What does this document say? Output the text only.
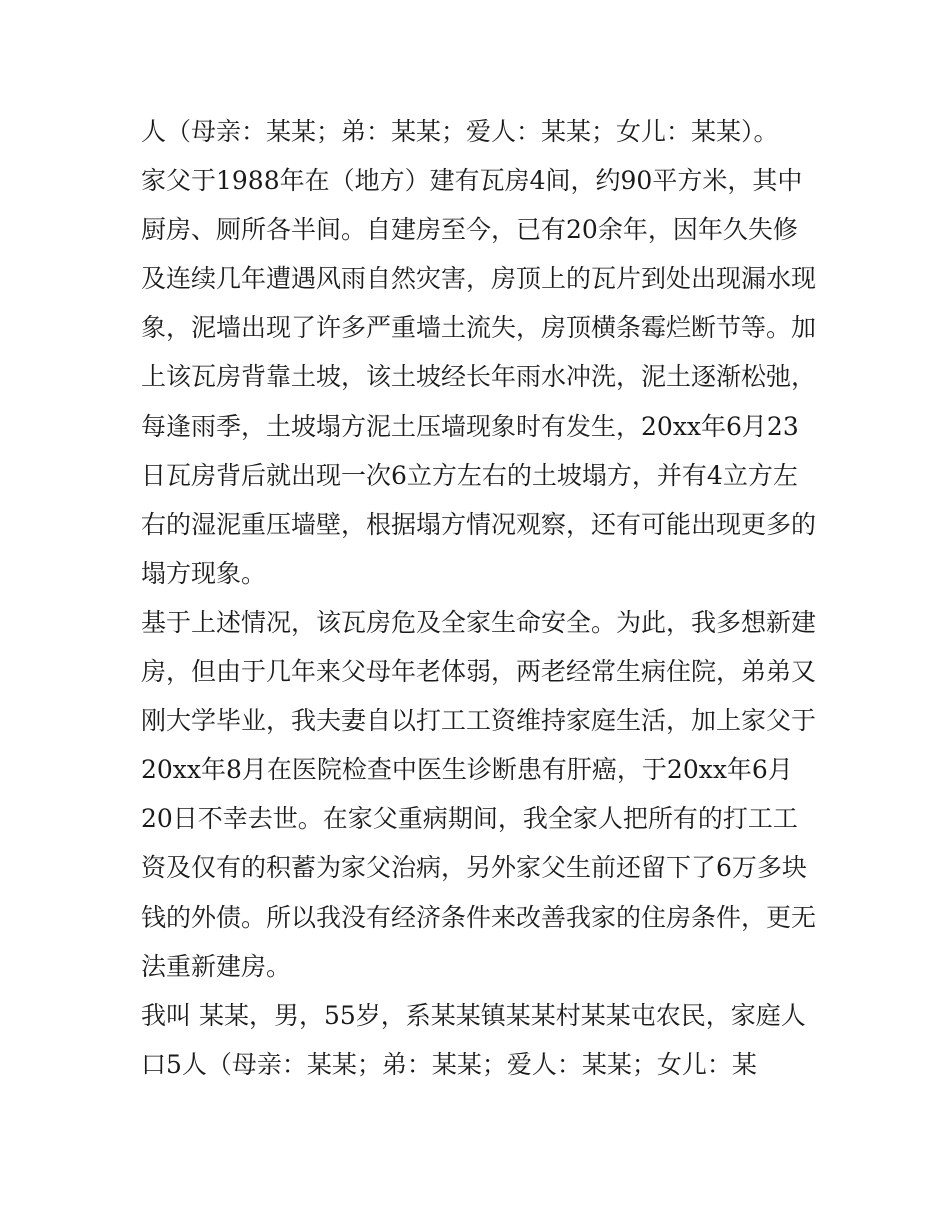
人（母亲：某某；弟：某某；爱人：某某；女儿：某某）。
家父于1988年在（地方）建有瓦房4间，约90平方米，其中
厨房、厕所各半间。自建房至今，已有20余年，因年久失修
及连续几年遭遇风雨自然灾害，房顶上的瓦片到处出现漏水现
象，泥墙出现了许多严重墙土流失，房顶横条霉烂断节等。加
上该瓦房背靠土坡，该土坡经长年雨水冲洗，泥土逐渐松弛，
每逢雨季，土坡塌方泥土压墙现象时有发生，20xx年6月23
日瓦房背后就出现一次6立方左右的土坡塌方，并有4立方左
右的湿泥重压墙壁，根据塌方情况观察，还有可能出现更多的
塌方现象。
基于上述情况，该瓦房危及全家生命安全。为此，我多想新建
房，但由于几年来父母年老体弱，两老经常生病住院，弟弟又
刚大学毕业，我夫妻自以打工工资维持家庭生活，加上家父于
20xx年8月在医院检查中医生诊断患有肝癌，于20xx年6月
20日不幸去世。在家父重病期间，我全家人把所有的打工工
资及仅有的积蓄为家父治病，另外家父生前还留下了6万多块
钱的外债。所以我没有经济条件来改善我家的住房条件，更无
法重新建房。
我叫 某某，男，55岁，系某某镇某某村某某屯农民，家庭人
口5人（母亲：某某；弟：某某；爱人：某某；女儿：某
